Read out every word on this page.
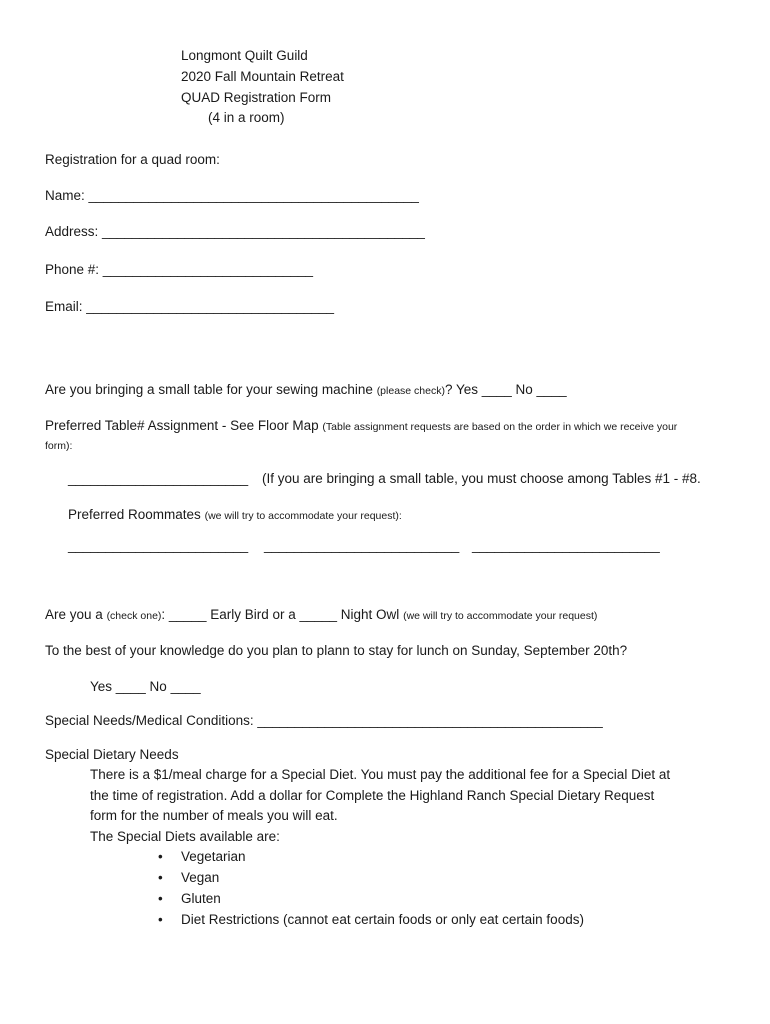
Longmont Quilt Guild
2020 Fall Mountain Retreat
QUAD Registration Form
(4 in a room)
Registration for a quad room:
Name: ____________________________________________
Address: ___________________________________________
Phone #: ____________________________
Email: _________________________________
Are you bringing a small table for your sewing machine (please check)? Yes ____ No ____
Preferred Table# Assignment - See Floor Map (Table assignment requests are based on the order in which we receive your
form):
________________________ (If you are bringing a small table, you must choose among Tables #1 - #8.
Preferred Roommates (we will try to accommodate your request):
________________________ __________________________ _________________________
Are you a (check one): _____ Early Bird or a _____ Night Owl (we will try to accommodate your request)
To the best of your knowledge do you plan to plann to stay for lunch on Sunday, September 20th?
Yes ____ No ____
Special Needs/Medical Conditions: ______________________________________________
Special Dietary Needs
There is a $1/meal charge for a Special Diet. You must pay the additional fee for a Special Diet at
the time of registration. Add a dollar for Complete the Highland Ranch Special Dietary Request
form for the number of meals you will eat.
The Special Diets available are:
• Vegetarian
• Vegan
• Gluten
• Diet Restrictions (cannot eat certain foods or only eat certain foods)
